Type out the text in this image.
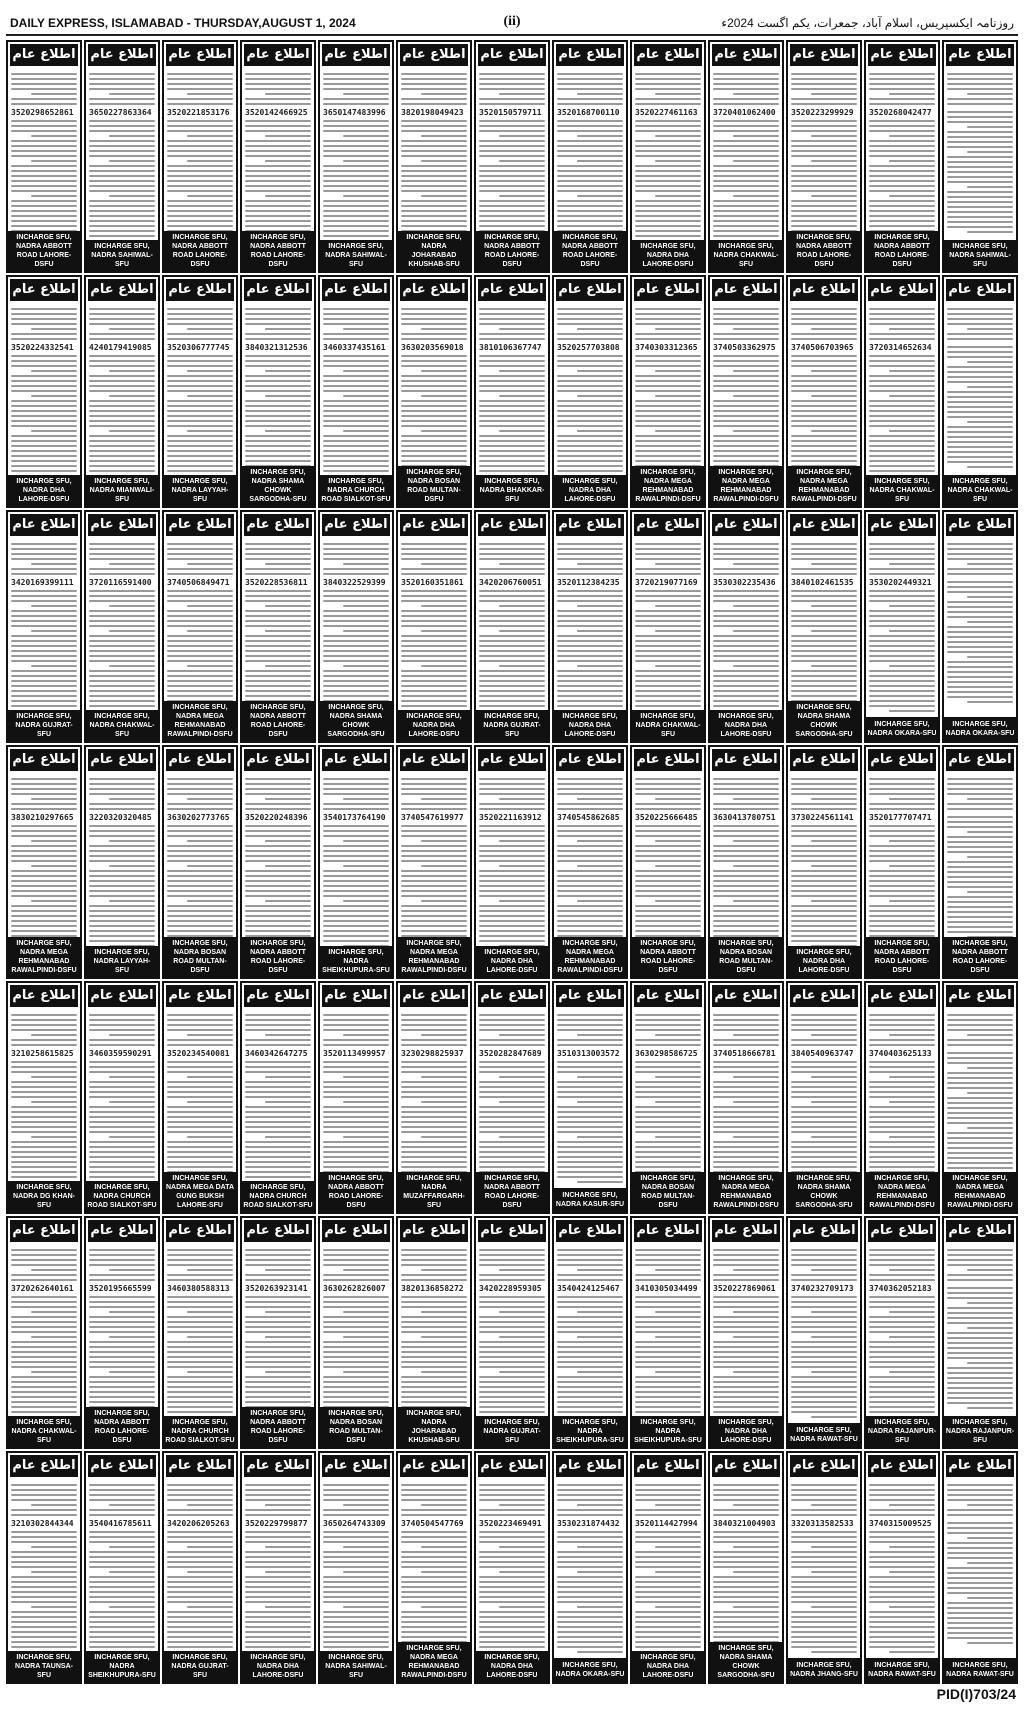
DAILY EXPRESS, ISLAMABAD - THURSDAY,AUGUST 1, 2024	(ii)	روزنامہ ایکسپریس، اسلام آباد، جمعرات، یکم اگست 2024ء
اطلاع عام
3520298652861
INCHARGE SFU, NADRA ABBOTT ROAD LAHORE-DSFU
اطلاع عام
3650227863364
INCHARGE SFU, NADRA SAHIWAL-SFU
اطلاع عام
3520221853176
INCHARGE SFU, NADRA ABBOTT ROAD LAHORE-DSFU
اطلاع عام
3520142466925
INCHARGE SFU, NADRA ABBOTT ROAD LAHORE-DSFU
اطلاع عام
3650147483996
INCHARGE SFU, NADRA SAHIWAL-SFU
اطلاع عام
3820198049423
INCHARGE SFU, NADRA JOHARABAD KHUSHAB-SFU
اطلاع عام
3520150579711
INCHARGE SFU, NADRA ABBOTT ROAD LAHORE-DSFU
اطلاع عام
3520168700110
INCHARGE SFU, NADRA ABBOTT ROAD LAHORE-DSFU
اطلاع عام
3520227461163
INCHARGE SFU, NADRA DHA LAHORE-DSFU
اطلاع عام
3720401062400
INCHARGE SFU, NADRA CHAKWAL-SFU
اطلاع عام
3520223299929
INCHARGE SFU, NADRA ABBOTT ROAD LAHORE-DSFU
اطلاع عام
3520268042477
INCHARGE SFU, NADRA ABBOTT ROAD LAHORE-DSFU
اطلاع عام
INCHARGE SFU, NADRA SAHIWAL-SFU
اطلاع عام
3520224332541
INCHARGE SFU, NADRA DHA LAHORE-DSFU
اطلاع عام
4240179419085
INCHARGE SFU, NADRA MIANWALI-SFU
اطلاع عام
3520306777745
INCHARGE SFU, NADRA LAYYAH-SFU
اطلاع عام
3840321312536
INCHARGE SFU, NADRA SHAMA CHOWK SARGODHA-SFU
اطلاع عام
3460337435161
INCHARGE SFU, NADRA CHURCH ROAD SIALKOT-SFU
اطلاع عام
3630203569018
INCHARGE SFU, NADRA BOSAN ROAD MULTAN-DSFU
اطلاع عام
3810106367747
INCHARGE SFU, NADRA BHAKKAR-SFU
اطلاع عام
3520257703808
INCHARGE SFU, NADRA DHA LAHORE-DSFU
اطلاع عام
3740303312365
INCHARGE SFU, NADRA MEGA REHMANABAD RAWALPINDI-DSFU
اطلاع عام
3740503362975
INCHARGE SFU, NADRA MEGA REHMANABAD RAWALPINDI-DSFU
اطلاع عام
3740506703965
INCHARGE SFU, NADRA MEGA REHMANABAD RAWALPINDI-DSFU
اطلاع عام
3720314652634
INCHARGE SFU, NADRA CHAKWAL-SFU
اطلاع عام
INCHARGE SFU, NADRA CHAKWAL-SFU
اطلاع عام
3420169399111
INCHARGE SFU, NADRA GUJRAT-SFU
اطلاع عام
3720116591400
INCHARGE SFU, NADRA CHAKWAL-SFU
اطلاع عام
3740506849471
INCHARGE SFU, NADRA MEGA REHMANABAD RAWALPINDI-DSFU
اطلاع عام
3520228536811
INCHARGE SFU, NADRA ABBOTT ROAD LAHORE-DSFU
اطلاع عام
3840322529399
INCHARGE SFU, NADRA SHAMA CHOWK SARGODHA-SFU
اطلاع عام
3520160351861
INCHARGE SFU, NADRA DHA LAHORE-DSFU
اطلاع عام
3420206760051
INCHARGE SFU, NADRA GUJRAT-SFU
اطلاع عام
3520112384235
INCHARGE SFU, NADRA DHA LAHORE-DSFU
اطلاع عام
3720219077169
INCHARGE SFU, NADRA CHAKWAL-SFU
اطلاع عام
3530302235436
INCHARGE SFU, NADRA DHA LAHORE-DSFU
اطلاع عام
3840102461535
INCHARGE SFU, NADRA SHAMA CHOWK SARGODHA-SFU
اطلاع عام
3530202449321
INCHARGE SFU, NADRA OKARA-SFU
اطلاع عام
INCHARGE SFU, NADRA OKARA-SFU
اطلاع عام
3830210297665
INCHARGE SFU, NADRA MEGA REHMANABAD RAWALPINDI-DSFU
اطلاع عام
3220320320485
INCHARGE SFU, NADRA LAYYAH-SFU
اطلاع عام
3630202773765
INCHARGE SFU, NADRA BOSAN ROAD MULTAN-DSFU
اطلاع عام
3520220248396
INCHARGE SFU, NADRA ABBOTT ROAD LAHORE-DSFU
اطلاع عام
3540173764190
INCHARGE SFU, NADRA SHEIKHUPURA-SFU
اطلاع عام
3740547619977
INCHARGE SFU, NADRA MEGA REHMANABAD RAWALPINDI-DSFU
اطلاع عام
3520221163912
INCHARGE SFU, NADRA DHA LAHORE-DSFU
اطلاع عام
3740545862685
INCHARGE SFU, NADRA MEGA REHMANABAD RAWALPINDI-DSFU
اطلاع عام
3520225666485
INCHARGE SFU, NADRA ABBOTT ROAD LAHORE-DSFU
اطلاع عام
3630413780751
INCHARGE SFU, NADRA BOSAN ROAD MULTAN-DSFU
اطلاع عام
3730224561141
INCHARGE SFU, NADRA DHA LAHORE-DSFU
اطلاع عام
3520177707471
INCHARGE SFU, NADRA ABBOTT ROAD LAHORE-DSFU
اطلاع عام
INCHARGE SFU, NADRA ABBOTT ROAD LAHORE-DSFU
اطلاع عام
3210258615825
INCHARGE SFU, NADRA DG KHAN-SFU
اطلاع عام
3460359590291
INCHARGE SFU, NADRA CHURCH ROAD SIALKOT-SFU
اطلاع عام
3520234540081
INCHARGE SFU, NADRA MEGA DATA GUNG BUKSH LAHORE-SFU
اطلاع عام
3460342647275
INCHARGE SFU, NADRA CHURCH ROAD SIALKOT-SFU
اطلاع عام
3520113499957
INCHARGE SFU, NADRA ABBOTT ROAD LAHORE-DSFU
اطلاع عام
3230298825937
INCHARGE SFU, NADRA MUZAFFARGARH-SFU
اطلاع عام
3520282847689
INCHARGE SFU, NADRA ABBOTT ROAD LAHORE-DSFU
اطلاع عام
3510313003572
INCHARGE SFU, NADRA KASUR-SFU
اطلاع عام
3630298586725
INCHARGE SFU, NADRA BOSAN ROAD MULTAN-DSFU
اطلاع عام
3740518666781
INCHARGE SFU, NADRA MEGA REHMANABAD RAWALPINDI-DSFU
اطلاع عام
3840540963747
INCHARGE SFU, NADRA SHAMA CHOWK SARGODHA-SFU
اطلاع عام
3740403625133
INCHARGE SFU, NADRA MEGA REHMANABAD RAWALPINDI-DSFU
اطلاع عام
INCHARGE SFU, NADRA MEGA REHMANABAD RAWALPINDI-DSFU
اطلاع عام
3720262640161
INCHARGE SFU, NADRA CHAKWAL-SFU
اطلاع عام
3520195665599
INCHARGE SFU, NADRA ABBOTT ROAD LAHORE-DSFU
اطلاع عام
3460380588313
INCHARGE SFU, NADRA CHURCH ROAD SIALKOT-SFU
اطلاع عام
3520263923141
INCHARGE SFU, NADRA ABBOTT ROAD LAHORE-DSFU
اطلاع عام
3630262826007
INCHARGE SFU, NADRA BOSAN ROAD MULTAN-DSFU
اطلاع عام
3820136858272
INCHARGE SFU, NADRA JOHARABAD KHUSHAB-SFU
اطلاع عام
3420228959305
INCHARGE SFU, NADRA GUJRAT-SFU
اطلاع عام
3540424125467
INCHARGE SFU, NADRA SHEIKHUPURA-SFU
اطلاع عام
3410305034499
INCHARGE SFU, NADRA SHEIKHUPURA-SFU
اطلاع عام
3520227869061
INCHARGE SFU, NADRA DHA LAHORE-DSFU
اطلاع عام
3740232709173
INCHARGE SFU, NADRA RAWAT-SFU
اطلاع عام
3740362052183
INCHARGE SFU, NADRA RAJANPUR-SFU
اطلاع عام
INCHARGE SFU, NADRA RAJANPUR-SFU
اطلاع عام
3210302844344
INCHARGE SFU, NADRA TAUNSA-SFU
اطلاع عام
3540416785611
INCHARGE SFU, NADRA SHEIKHUPURA-SFU
اطلاع عام
3420206205263
INCHARGE SFU, NADRA GUJRAT-SFU
اطلاع عام
3520229799877
INCHARGE SFU, NADRA DHA LAHORE-DSFU
اطلاع عام
3650264743309
INCHARGE SFU, NADRA SAHIWAL-SFU
اطلاع عام
3740504547769
INCHARGE SFU, NADRA MEGA REHMANABAD RAWALPINDI-DSFU
اطلاع عام
3520223469491
INCHARGE SFU, NADRA DHA LAHORE-DSFU
اطلاع عام
3530231874432
INCHARGE SFU, NADRA OKARA-SFU
اطلاع عام
3520114427994
INCHARGE SFU, NADRA DHA LAHORE-DSFU
اطلاع عام
3840321004903
INCHARGE SFU, NADRA SHAMA CHOWK SARGODHA-SFU
اطلاع عام
3320313582533
INCHARGE SFU, NADRA JHANG-SFU
اطلاع عام
3740315009525
INCHARGE SFU, NADRA RAWAT-SFU
اطلاع عام
INCHARGE SFU, NADRA RAWAT-SFU
PID(I)703/24
